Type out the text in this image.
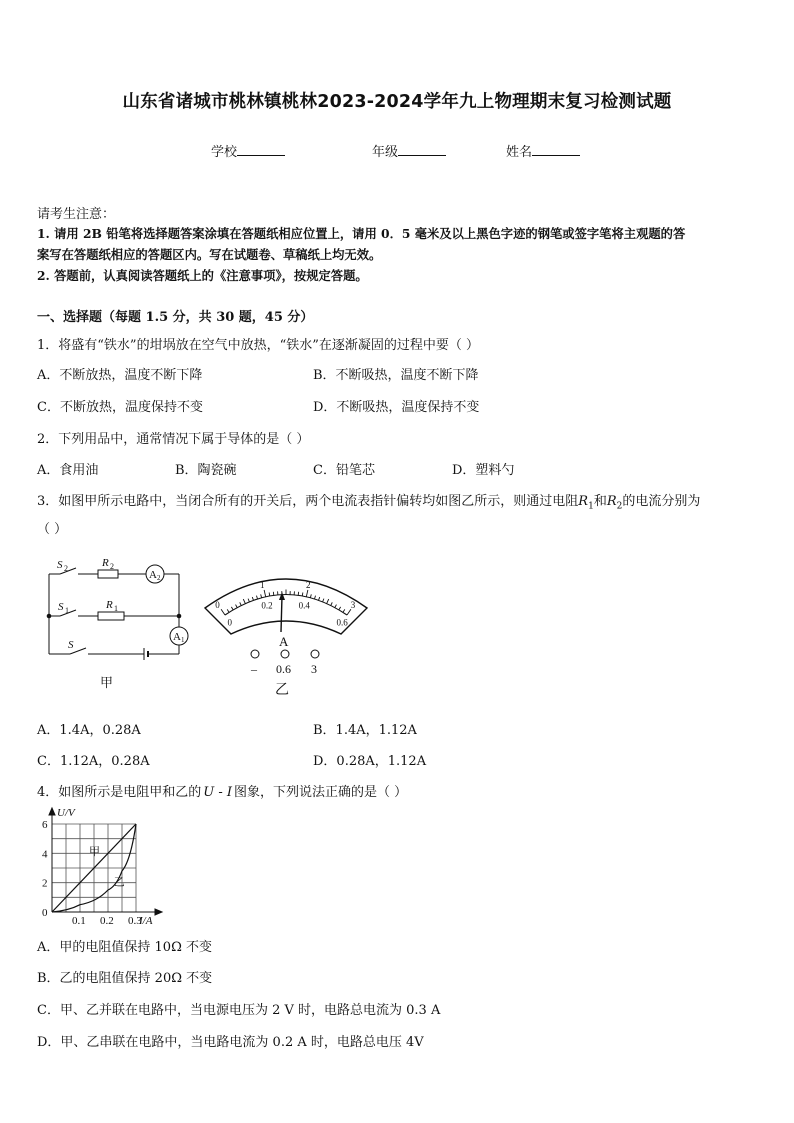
山东省诸城市桃林镇桃林2023-2024学年九上物理期末复习检测试题
学校	年级	姓名
请考生注意：
1. 请用 2B 铅笔将选择题答案涂填在答题纸相应位置上，请用 0．5 毫米及以上黑色字迹的钢笔或签字笔将主观题的答
案写在答题纸相应的答题区内。写在试题卷、草稿纸上均无效。
2. 答题前，认真阅读答题纸上的《注意事项》，按规定答题。
一、选择题（每题 1.5 分，共 30 题，45 分）
1．将盛有“铁水”的坩埚放在空气中放热，“铁水”在逐渐凝固的过程中要（ ）
A．不断放热，温度不断下降	B．不断吸热，温度不断下降
C．不断放热，温度保持不变	D．不断吸热，温度保持不变
2．下列用品中，通常情况下属于导体的是（ ）
A．食用油	B．陶瓷碗	C．铅笔芯	D．塑料勺
3．如图甲所示电路中，当闭合所有的开关后，两个电流表指针偏转均如图乙所示，则通过电阻$R_1$和$R_2$的电流分别为
（ ）
S 2	R 2
A 2
S 1	R 1
A 1
S
甲
0
1	2
3
0
0.2	0.4
0.6
A
– 0.6 3
乙
A．1.4A，0.28A	B．1.4A，1.12A
C．1.12A，0.28A	D．0.28A，1.12A
4．如图所示是电阻甲和乙的 U - I 图象，下列说法正确的是（ ）
0
2
4
6
0.1 0.2 0.3
U/V
I/A
甲
乙
A．甲的电阻值保持 10Ω 不变
B．乙的电阻值保持 20Ω 不变
C．甲、乙并联在电路中，当电源电压为 2 V 时，电路总电流为 0.3 A
D．甲、乙串联在电路中，当电路电流为 0.2 A 时，电路总电压 4V
